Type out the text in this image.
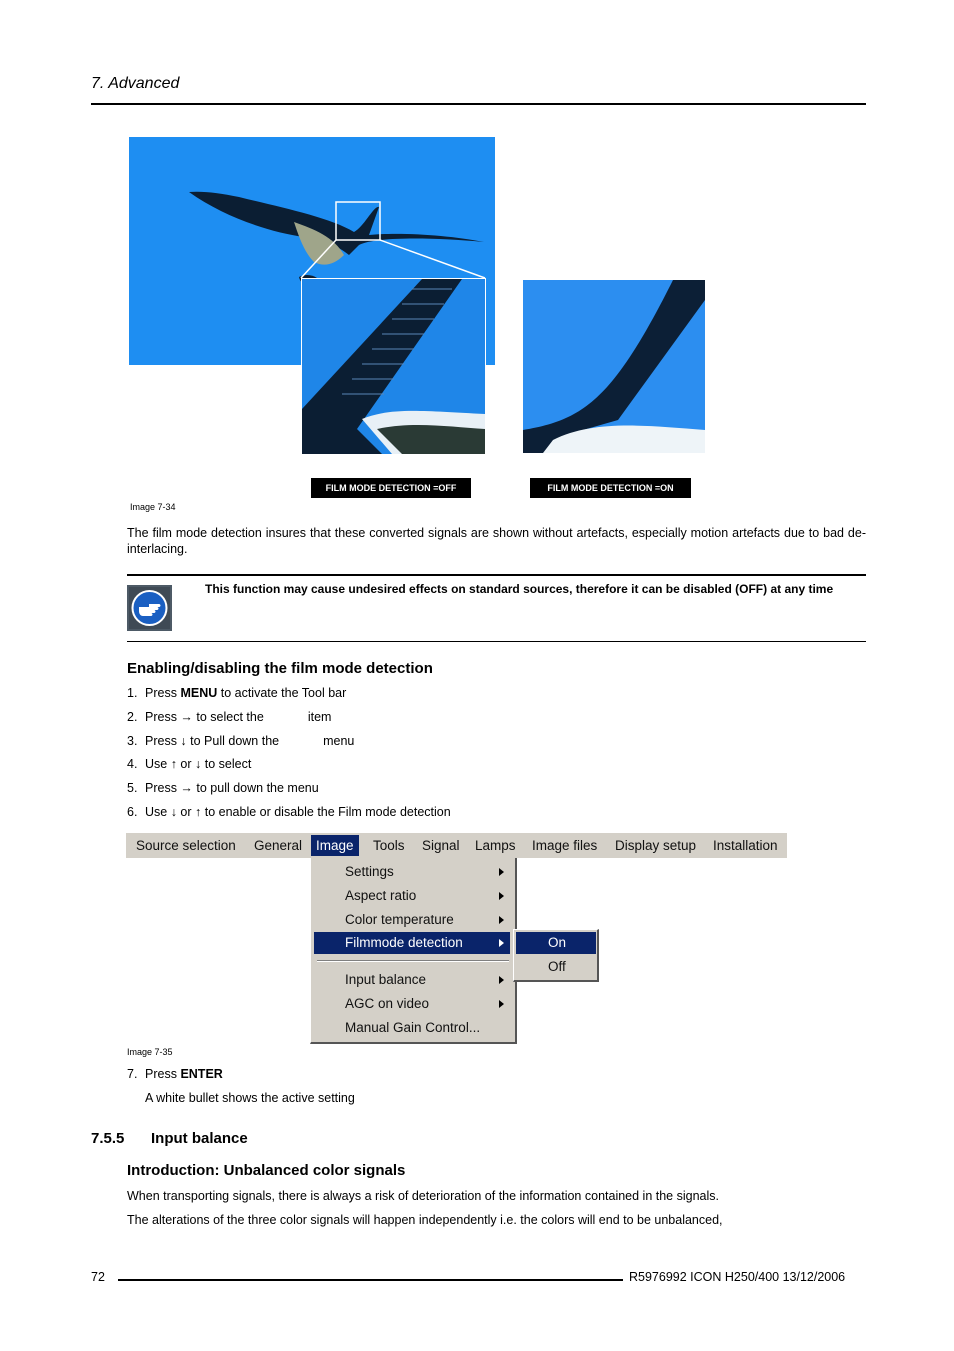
7. Advanced
FILM MODE DETECTION =OFF	FILM MODE DETECTION =ON
Image 7-34
The film mode detection insures that these converted signals are shown without artefacts, especially motion artefacts due to bad de-interlacing.
This function may cause undesired effects on standard sources, therefore it can be disabled (OFF) at any time
Enabling/disabling the film mode detection
1. Press MENU to activate the Tool bar
2. Press → to select the	item
3. Press ↓ to Pull down the	menu
4. Use ↑ or ↓ to select
5. Press → to pull down the menu
6. Use ↓ or ↑ to enable or disable the Film mode detection
Source selection General	Image	Tools Signal Lamps Image files Display setup Installation
Settings
Aspect ratio
Color temperature
Filmmode detection
Input balance
AGC on video
Manual Gain Control...
On
Off
Image 7-35
7. Press ENTER
A white bullet shows the active setting
7.5.5 Input balance
Introduction: Unbalanced color signals
When transporting signals, there is always a risk of deterioration of the information contained in the signals.
The alterations of the three color signals will happen independently i.e. the colors will end to be unbalanced,
72	R5976992 ICON H250/400 13/12/2006
